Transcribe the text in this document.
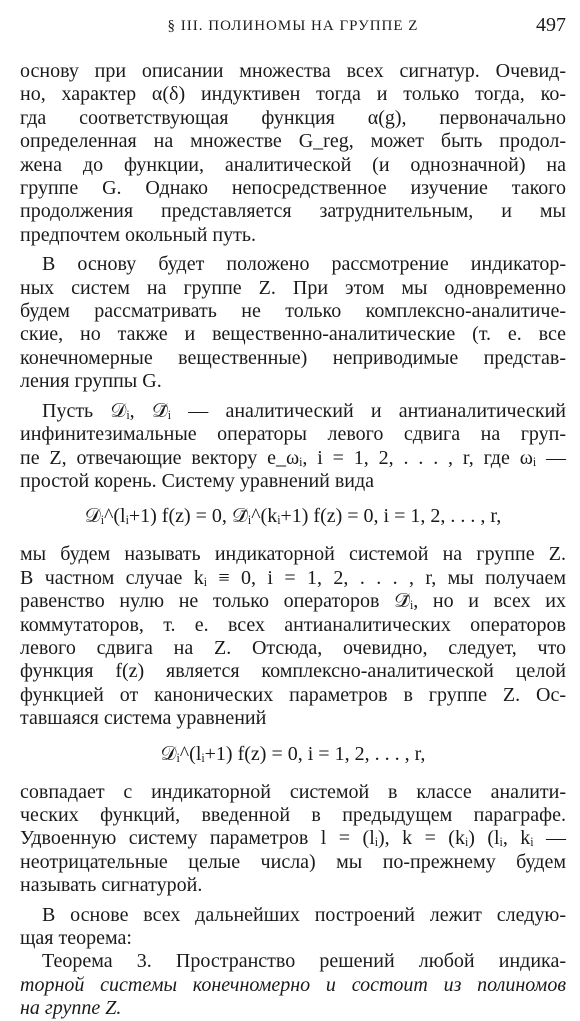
§ III. ПОЛИНОМЫ НА ГРУППЕ Z	497
основу при описании множества всех сигнатур. Очевид-
но, характер α(δ) индуктивен тогда и только тогда, ко-
гда соответствующая функция α(g), первоначально
определенная на множестве G_reg, может быть продол-
жена до функции, аналитической (и однозначной) на
группе G. Однако непосредственное изучение такого
продолжения представляется затруднительным, и мы
предпочтем окольный путь.
В основу будет положено рассмотрение индикатор-
ных систем на группе Z. При этом мы одновременно
будем рассматривать не только комплексно-аналитиче-
ские, но также и вещественно-аналитические (т. е. все
конечномерные вещественные) неприводимые представ-
ления группы G.
Пусть 𝒟ᵢ, 𝒟̄ᵢ — аналитический и антианалитический
инфинитезимальные операторы левого сдвига на груп-
пе Z, отвечающие вектору e_ωᵢ, i = 1, 2, . . . , r, где ωᵢ —
простой корень. Систему уравнений вида
𝒟ᵢ^(lᵢ+1) f(z) = 0, 𝒟̄ᵢ^(kᵢ+1) f(z) = 0, i = 1, 2, . . . , r,
мы будем называть индикаторной системой на группе Z.
В частном случае kᵢ ≡ 0, i = 1, 2, . . . , r, мы получаем
равенство нулю не только операторов 𝒟̄ᵢ, но и всех их
коммутаторов, т. е. всех антианалитических операторов
левого сдвига на Z. Отсюда, очевидно, следует, что
функция f(z) является комплексно-аналитической целой
функцией от канонических параметров в группе Z. Ос-
тавшаяся система уравнений
𝒟ᵢ^(lᵢ+1) f(z) = 0, i = 1, 2, . . . , r,
совпадает с индикаторной системой в классе аналити-
ческих функций, введенной в предыдущем параграфе.
Удвоенную систему параметров l = (lᵢ), k = (kᵢ) (lᵢ, kᵢ —
неотрицательные целые числа) мы по-прежнему будем
называть сигнатурой.
В основе всех дальнейших построений лежит следую-
щая теорема:
Теорема 3. Пространство решений любой индика-
торной системы конечномерно и состоит из полиномов
на группе Z.
